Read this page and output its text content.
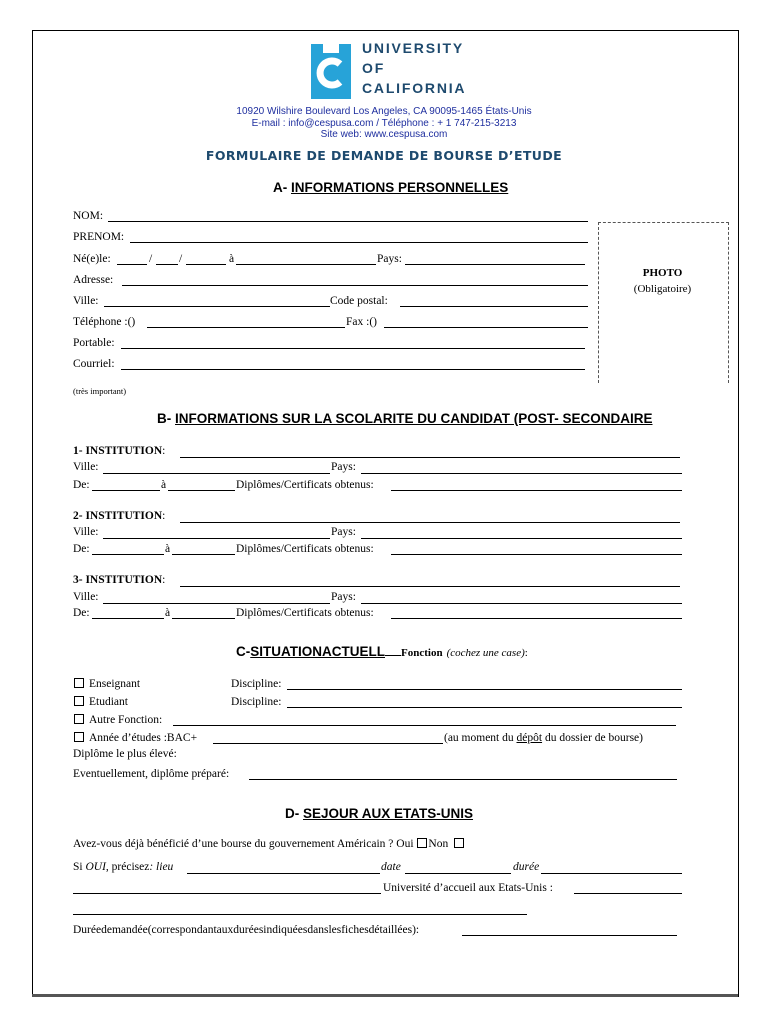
UNIVERSITY
OF
CALIFORNIA
10920 Wilshire Boulevard Los Angeles, CA 90095-1465 États-Unis
E-mail : info@cespusa.com / Téléphone : + 1 747-215-3213
Site web: www.cespusa.com
FORMULAIRE DE DEMANDE DE BOURSE D’ETUDE
A- INFORMATIONS PERSONNELLES
NOM:
PRENOM:
Né(e)le:	/ /	à	Pays:
Adresse:
Ville:	Code postal:
Téléphone :()	Fax :()
Portable:
Courriel:
(très important)
PHOTO
(Obligatoire)
B- INFORMATIONS SUR LA SCOLARITE DU CANDIDAT (POST- SECONDAIRE
1- INSTITUTION:
Ville:	Pays:
De:	à	Diplômes/Certificats obtenus:
2- INSTITUTION:
Ville:	Pays:
De:	à	Diplômes/Certificats obtenus:
3- INSTITUTION:
Ville:	Pays:
De:	à	Diplômes/Certificats obtenus:
C-SITUATIONACTUELL Fonction (cochez une case):
Enseignant	Discipline:
Etudiant	Discipline:
Autre Fonction:
Année d’études :BAC+	(au moment du dépôt du dossier de bourse)
Diplôme le plus élevé:
Eventuellement, diplôme préparé:
D- SEJOUR AUX ETATS-UNIS
Avez-vous déjà bénéficié d’une bourse du gouvernement Américain ? Oui Non
Si OUI, précisez: lieu	date	durée
Université d’accueil aux Etats-Unis :
Duréedemandée(correspondantauxduréesindiquéesdanslesfichesdétaillées):
